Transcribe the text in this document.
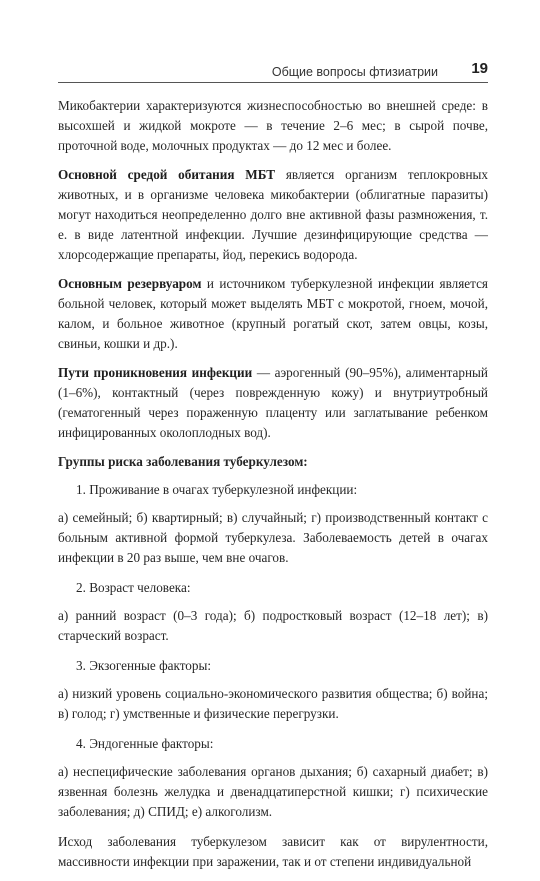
Общие вопросы фтизиатрии 19

Микобактерии характеризуются жизнеспособностью во внешней среде: в высохшей и жидкой мокроте — в течение 2–6 мес; в сырой почве, проточной воде, молочных продуктах — до 12 мес и более.

Основной средой обитания МБТ является организм теплокровных животных, и в организме человека микобактерии (облигатные паразиты) могут находиться неопределенно долго вне активной фазы размножения, т. е. в виде латентной инфекции. Лучшие дезинфицирующие средства — хлорсодержащие препараты, йод, перекись водорода.

Основным резервуаром и источником туберкулезной инфекции является больной человек, который может выделять МБТ с мокротой, гноем, мочой, калом, и больное животное (крупный рогатый скот, затем овцы, козы, свиньи, кошки и др.).

Пути проникновения инфекции — аэрогенный (90–95%), алиментарный (1–6%), контактный (через поврежденную кожу) и внутриутробный (гематогенный через пораженную плаценту или заглатывание ребенком инфицированных околоплодных вод).

Группы риска заболевания туберкулезом:

1. Проживание в очагах туберкулезной инфекции:

а) семейный; б) квартирный; в) случайный; г) производственный контакт с больным активной формой туберкулеза. Заболеваемость детей в очагах инфекции в 20 раз выше, чем вне очагов.

2. Возраст человека:

а) ранний возраст (0–3 года); б) подростковый возраст (12–18 лет); в) старческий возраст.

3. Экзогенные факторы:

а) низкий уровень социально-экономического развития общества; б) война; в) голод; г) умственные и физические перегрузки.

4. Эндогенные факторы:

а) неспецифические заболевания органов дыхания; б) сахарный диабет; в) язвенная болезнь желудка и двенадцатиперстной кишки; г) психические заболевания; д) СПИД; е) алкоголизм.

Исход заболевания туберкулезом зависит как от вирулентности, массивности инфекции при заражении, так и от степени индивидуальной
